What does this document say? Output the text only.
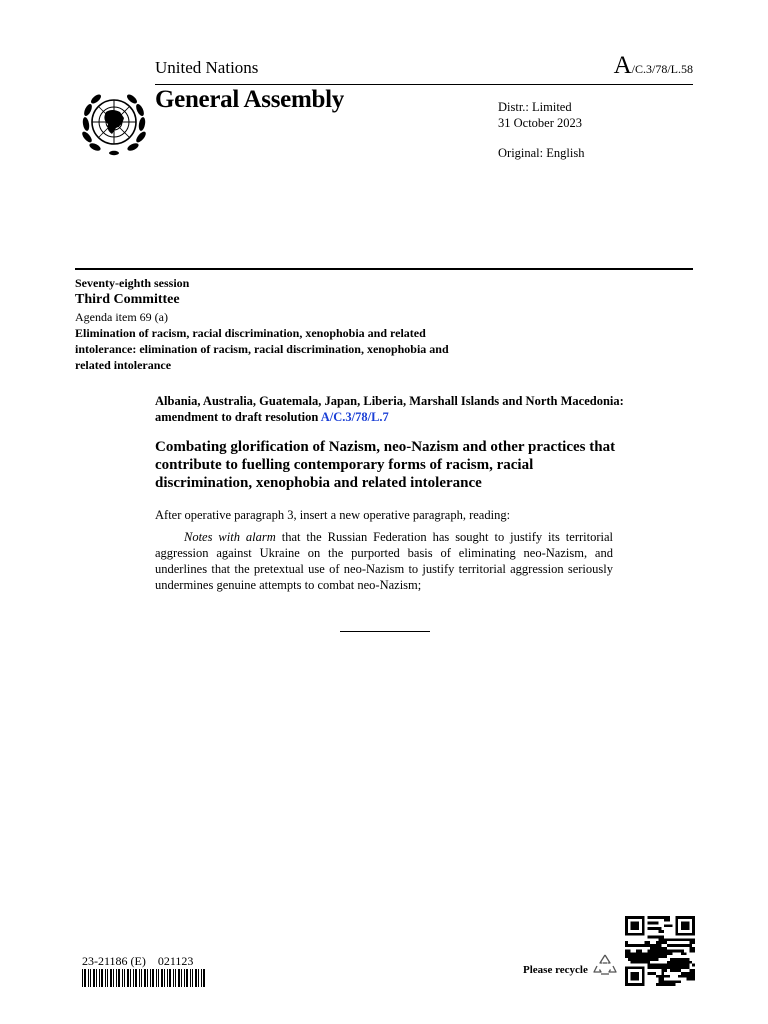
United Nations	A/C.3/78/L.58
General Assembly	Distr.: Limited
31 October 2023
Original: English
Seventy-eighth session
Third Committee
Agenda item 69 (a)
Elimination of racism, racial discrimination, xenophobia and related intolerance: elimination of racism, racial discrimination, xenophobia and related intolerance
Albania, Australia, Guatemala, Japan, Liberia, Marshall Islands and North Macedonia: amendment to draft resolution A/C.3/78/L.7
Combating glorification of Nazism, neo-Nazism and other practices that contribute to fuelling contemporary forms of racism, racial discrimination, xenophobia and related intolerance
After operative paragraph 3, insert a new operative paragraph, reading:
Notes with alarm that the Russian Federation has sought to justify its territorial aggression against Ukraine on the purported basis of eliminating neo-Nazism, and underlines that the pretextual use of neo-Nazism to justify territorial aggression seriously undermines genuine attempts to combat neo-Nazism;
23-21186 (E)    021123
Please recycle
